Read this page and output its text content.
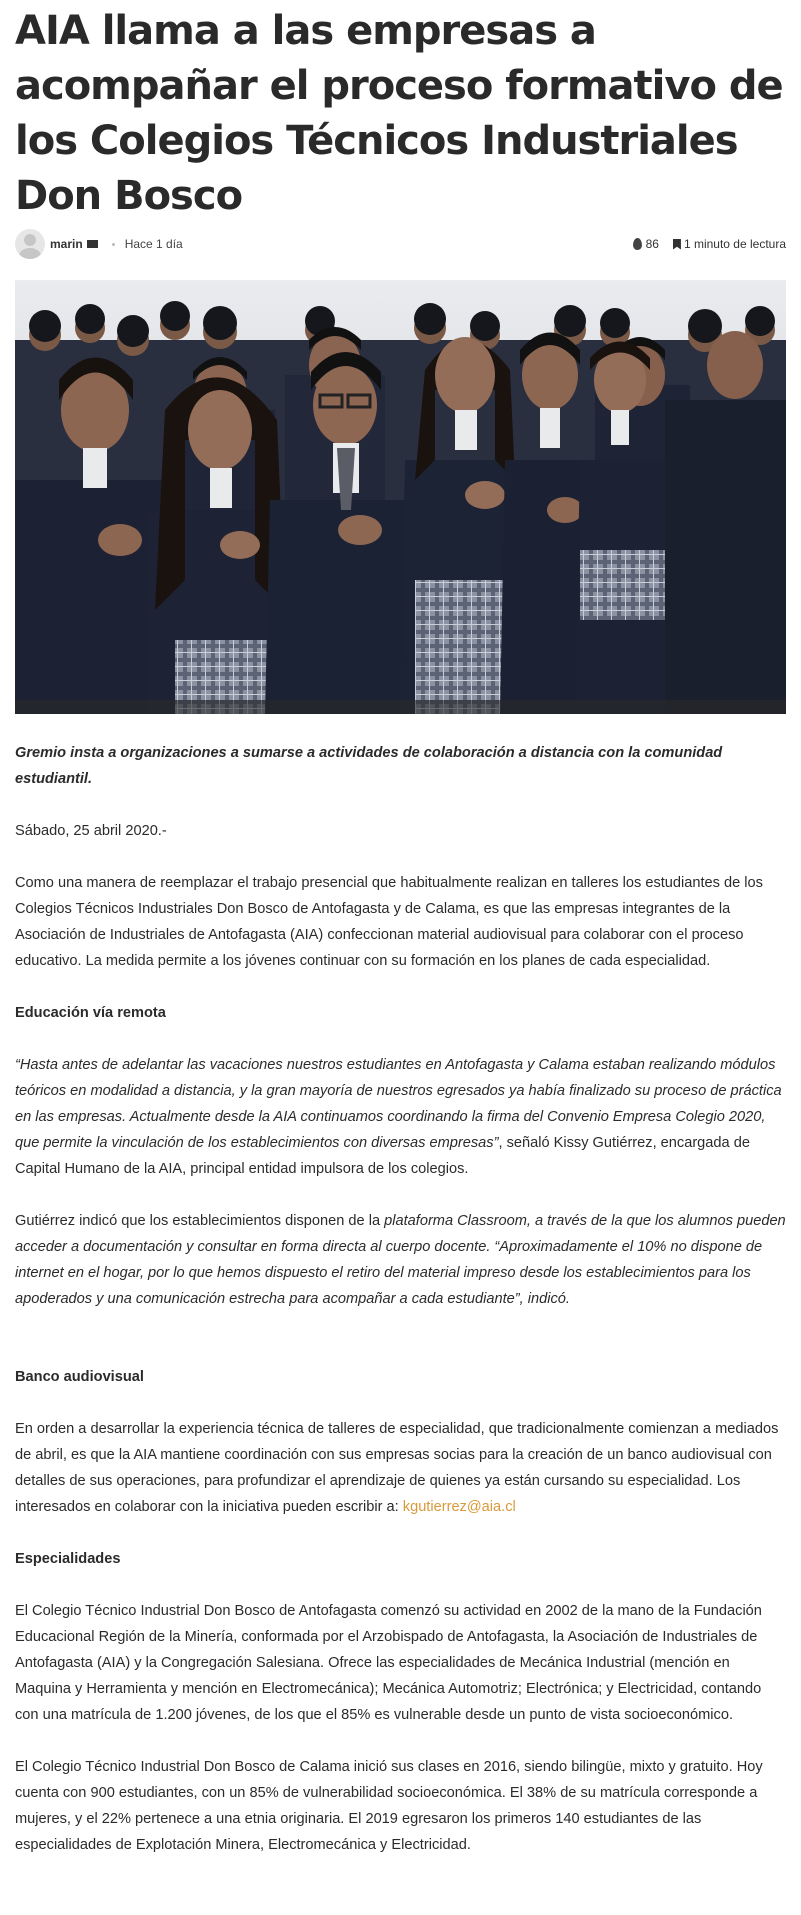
AIA llama a las empresas a acompañar el proceso formativo de los Colegios Técnicos Industriales Don Bosco
marin	Hace 1 día	86 1 minuto de lectura

Gremio insta a organizaciones a sumarse a actividades de colaboración a distancia con la comunidad estudiantil.

Sábado, 25 abril 2020.-

Como una manera de reemplazar el trabajo presencial que habitualmente realizan en talleres los estudiantes de los Colegios Técnicos Industriales Don Bosco de Antofagasta y de Calama, es que las empresas integrantes de la Asociación de Industriales de Antofagasta (AIA) confeccionan material audiovisual para colaborar con el proceso educativo. La medida permite a los jóvenes continuar con su formación en los planes de cada especialidad.

Educación vía remota

“Hasta antes de adelantar las vacaciones nuestros estudiantes en Antofagasta y Calama estaban realizando módulos teóricos en modalidad a distancia, y la gran mayoría de nuestros egresados ya había finalizado su proceso de práctica en las empresas. Actualmente desde la AIA continuamos coordinando la firma del Convenio Empresa Colegio 2020, que permite la vinculación de los establecimientos con diversas empresas”, señaló Kissy Gutiérrez, encargada de Capital Humano de la AIA, principal entidad impulsora de los colegios.

Gutiérrez indicó que los establecimientos disponen de la plataforma Classroom, a través de la que los alumnos pueden acceder a documentación y consultar en forma directa al cuerpo docente. “Aproximadamente el 10% no dispone de internet en el hogar, por lo que hemos dispuesto el retiro del material impreso desde los establecimientos para los apoderados y una comunicación estrecha para acompañar a cada estudiante”, indicó.

Banco audiovisual

En orden a desarrollar la experiencia técnica de talleres de especialidad, que tradicionalmente comienzan a mediados de abril, es que la AIA mantiene coordinación con sus empresas socias para la creación de un banco audiovisual con detalles de sus operaciones, para profundizar el aprendizaje de quienes ya están cursando su especialidad. Los interesados en colaborar con la iniciativa pueden escribir a: kgutierrez@aia.cl

Especialidades

El Colegio Técnico Industrial Don Bosco de Antofagasta comenzó su actividad en 2002 de la mano de la Fundación Educacional Región de la Minería, conformada por el Arzobispado de Antofagasta, la Asociación de Industriales de Antofagasta (AIA) y la Congregación Salesiana. Ofrece las especialidades de Mecánica Industrial (mención en Maquina y Herramienta y mención en Electromecánica); Mecánica Automotriz; Electrónica; y Electricidad, contando con una matrícula de 1.200 jóvenes, de los que el 85% es vulnerable desde un punto de vista socioeconómico.

El Colegio Técnico Industrial Don Bosco de Calama inició sus clases en 2016, siendo bilingüe, mixto y gratuito. Hoy cuenta con 900 estudiantes, con un 85% de vulnerabilidad socioeconómica. El 38% de su matrícula corresponde a mujeres, y el 22% pertenece a una etnia originaria. El 2019 egresaron los primeros 140 estudiantes de las especialidades de Explotación Minera, Electromecánica y Electricidad.
